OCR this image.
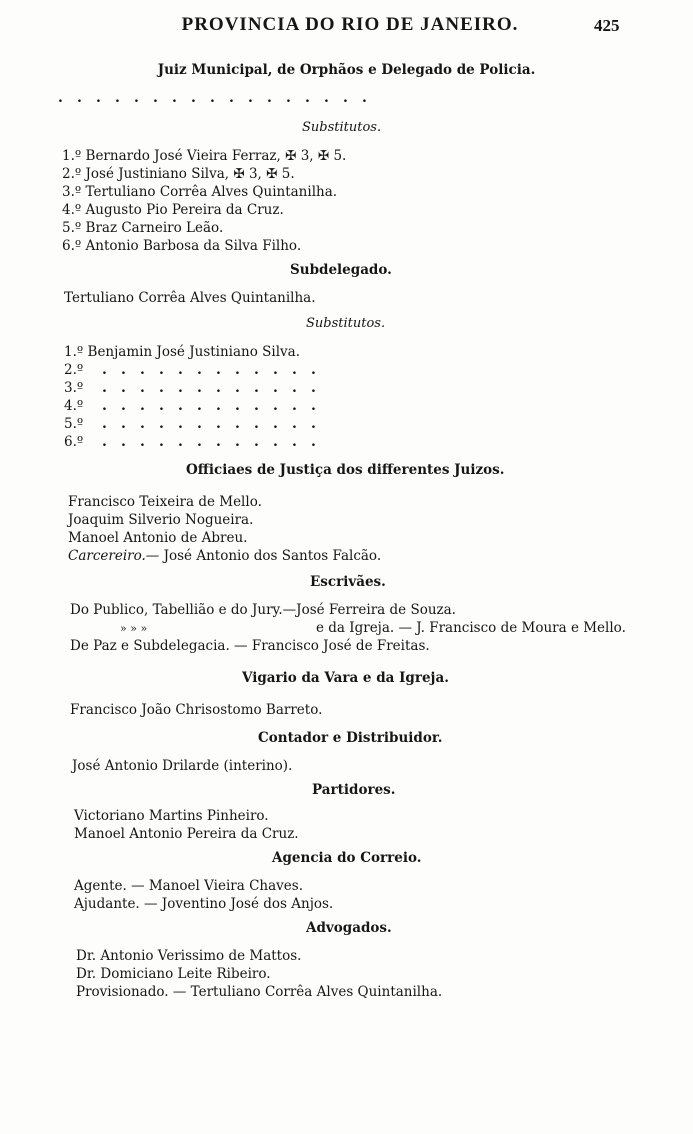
PROVINCIA DO RIO DE JANEIRO.	425
Juiz Municipal, de Orphãos e Delegado de Policia.
. . . . . . . . . . . . . . . . .
Substitutos.
1.º Bernardo José Vieira Ferraz, ✠ 3, ✠ 5.
2.º José Justiniano Silva, ✠ 3, ✠ 5.
3.º Tertuliano Corrêa Alves Quintanilha.
4.º Augusto Pio Pereira da Cruz.
5.º Braz Carneiro Leão.
6.º Antonio Barbosa da Silva Filho.
Subdelegado.
Tertuliano Corrêa Alves Quintanilha.
Substitutos.
1.º Benjamin José Justiniano Silva.
2.º
3.º
4.º
5.º
6.º
. . . . . . . . . . . .
. . . . . . . . . . . .
. . . . . . . . . . . .
. . . . . . . . . . . .
. . . . . . . . . . . .
Officiaes de Justiça dos differentes Juizos.
Francisco Teixeira de Mello.
Joaquim Silverio Nogueira.
Manoel Antonio de Abreu.
Carcereiro.— José Antonio dos Santos Falcão.
Escrivães.
Do Publico, Tabellião e do Jury.—José Ferreira de Souza.
» » »	e da Igreja. — J. Francisco de Moura e Mello.
De Paz e Subdelegacia. — Francisco José de Freitas.
Vigario da Vara e da Igreja.
Francisco João Chrisostomo Barreto.
Contador e Distribuidor.
José Antonio Drilarde (interino).
Partidores.
Victoriano Martins Pinheiro.
Manoel Antonio Pereira da Cruz.
Agencia do Correio.
Agente. — Manoel Vieira Chaves.
Ajudante. — Joventino José dos Anjos.
Advogados.
Dr. Antonio Verissimo de Mattos.
Dr. Domiciano Leite Ribeiro.
Provisionado. — Tertuliano Corrêa Alves Quintanilha.
